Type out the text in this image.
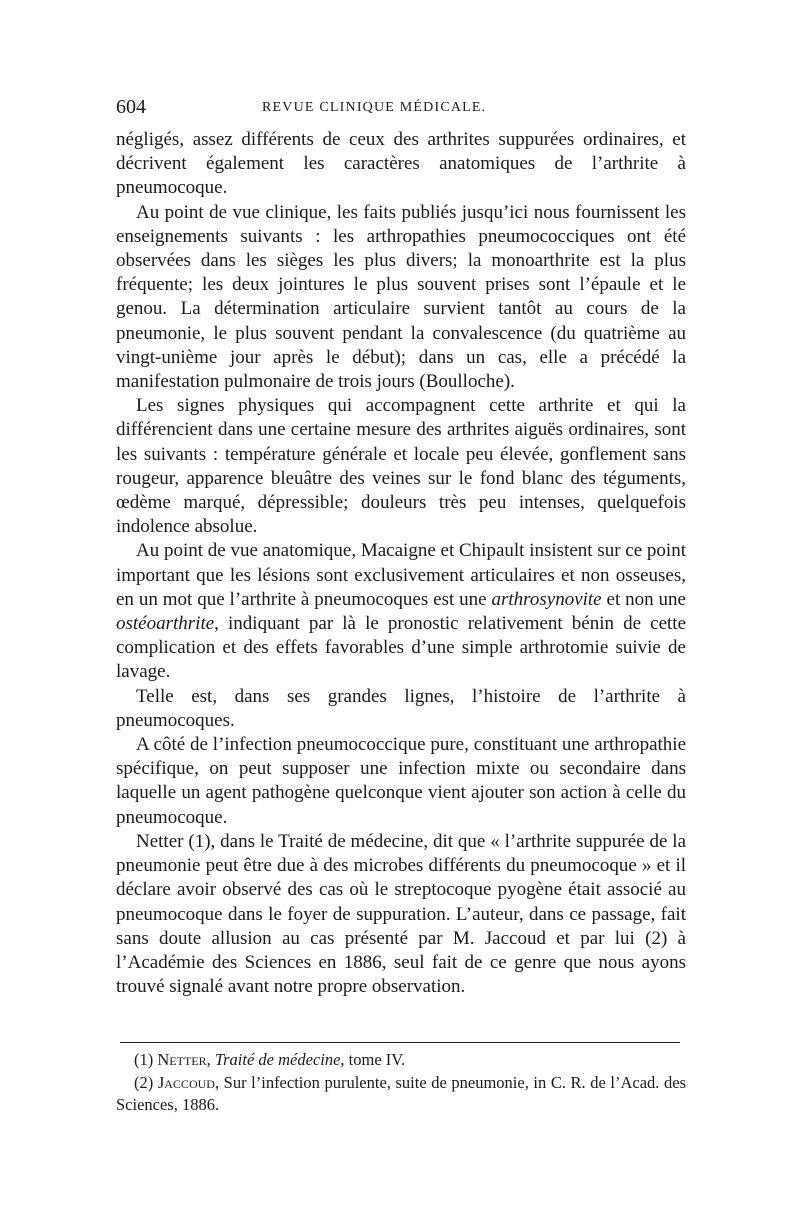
604	REVUE CLINIQUE MÉDICALE.

négligés, assez différents de ceux des arthrites suppurées ordinaires, et décrivent également les caractères anatomiques de l’arthrite à pneumocoque.

Au point de vue clinique, les faits publiés jusqu’ici nous fournissent les enseignements suivants : les arthropathies pneumococciques ont été observées dans les sièges les plus divers; la monoarthrite est la plus fréquente; les deux jointures le plus souvent prises sont l’épaule et le genou. La détermination articulaire survient tantôt au cours de la pneumonie, le plus souvent pendant la convalescence (du quatrième au vingt-unième jour après le début); dans un cas, elle a précédé la manifestation pulmonaire de trois jours (Boulloche).

Les signes physiques qui accompagnent cette arthrite et qui la différencient dans une certaine mesure des arthrites aiguës ordinaires, sont les suivants : température générale et locale peu élevée, gonflement sans rougeur, apparence bleuâtre des veines sur le fond blanc des téguments, œdème marqué, dépressible; douleurs très peu intenses, quelquefois indolence absolue.

Au point de vue anatomique, Macaigne et Chipault insistent sur ce point important que les lésions sont exclusivement articulaires et non osseuses, en un mot que l’arthrite à pneumocoques est une arthrosynovite et non une ostéoarthrite, indiquant par là le pronostic relativement bénin de cette complication et des effets favorables d’une simple arthrotomie suivie de lavage.

Telle est, dans ses grandes lignes, l’histoire de l’arthrite à pneumocoques.

A côté de l’infection pneumococcique pure, constituant une arthropathie spécifique, on peut supposer une infection mixte ou secondaire dans laquelle un agent pathogène quelconque vient ajouter son action à celle du pneumocoque.

Netter (1), dans le Traité de médecine, dit que « l’arthrite suppurée de la pneumonie peut être due à des microbes différents du pneumocoque » et il déclare avoir observé des cas où le streptocoque pyogène était associé au pneumocoque dans le foyer de suppuration. L’auteur, dans ce passage, fait sans doute allusion au cas présenté par M. Jaccoud et par lui (2) à l’Académie des Sciences en 1886, seul fait de ce genre que nous ayons trouvé signalé avant notre propre observation.

(1) Netter, Traité de médecine, tome IV.

(2) Jaccoud, Sur l’infection purulente, suite de pneumonie, in C. R. de l’Acad. des Sciences, 1886.
